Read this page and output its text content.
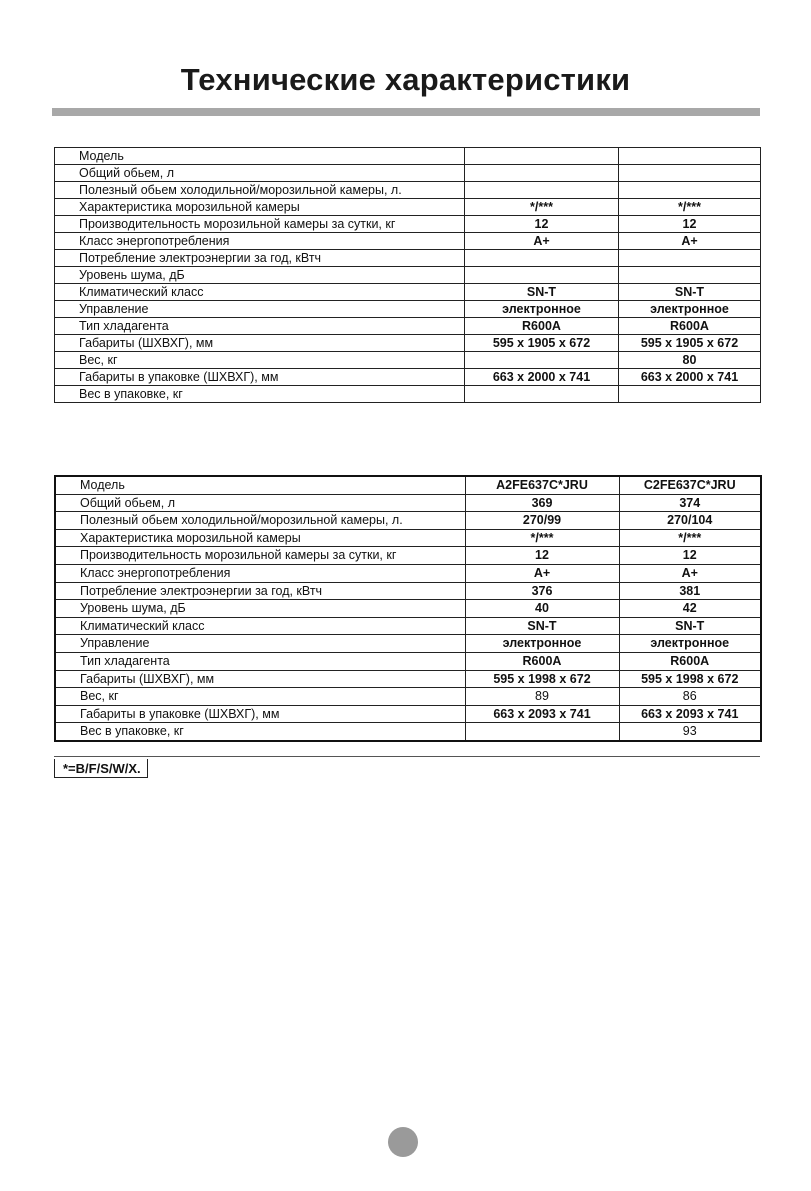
Технические характеристики
Модель		
Общий обьем, л		
Полезный обьем холодильной/морозильной камеры, л.		
Характеристика морозильной камеры	*/***	*/***
Производительность морозильной камеры за сутки, кг	12	12
Класс энергопотребления	A+	A+
Потребление электроэнергии за год, кВтч		
Уровень шума, дБ		
Климатический класс	SN-T	SN-T
Управление	электронное	электронное
Тип хладагента	R600A	R600A
Габариты (ШХВХГ), мм	595 x 1905 x 672	595 x 1905 x 672
Вес, кг		80
Габариты в упаковке (ШХВХГ), мм	663 x 2000 x 741	663 x 2000 x 741
Вес в упаковке, кг		
Модель	A2FE637C*JRU	C2FE637C*JRU
Общий обьем, л	369	374
Полезный обьем холодильной/морозильной камеры, л.	270/99	270/104
Характеристика морозильной камеры	*/***	*/***
Производительность морозильной камеры за сутки, кг	12	12
Класс энергопотребления	A+	A+
Потребление электроэнергии за год, кВтч	376	381
Уровень шума, дБ	40	42
Климатический класс	SN-T	SN-T
Управление	электронное	электронное
Тип хладагента	R600A	R600A
Габариты (ШХВХГ), мм	595 x 1998 x 672	595 x 1998 x 672
Вес, кг	89	86
Габариты в упаковке (ШХВХГ), мм	663 x 2093 x 741	663 x 2093 x 741
Вес в упаковке, кг		93
*=B/F/S/W/X.
